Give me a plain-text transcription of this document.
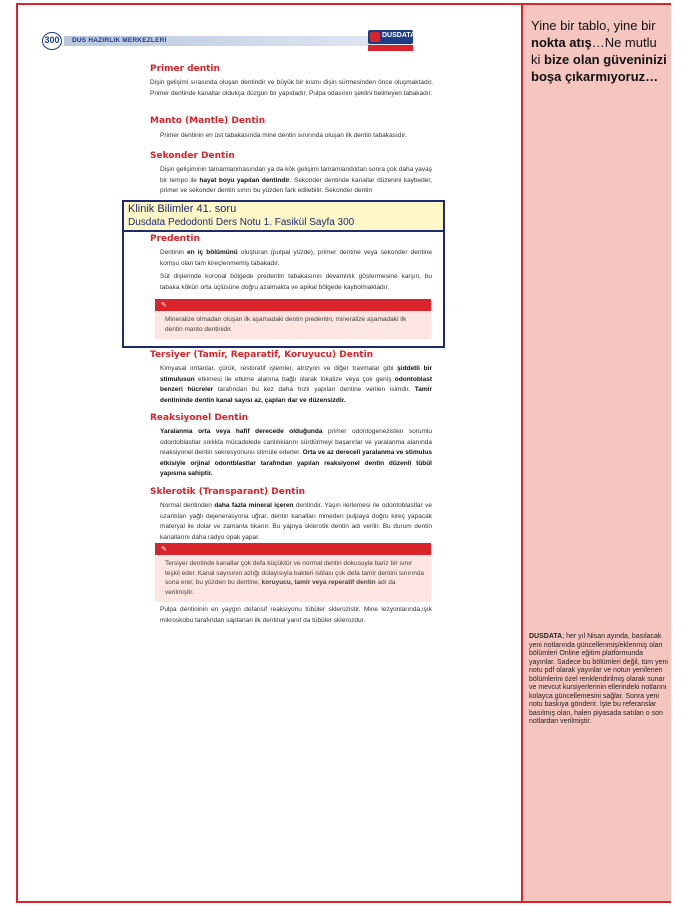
Yine bir tablo, yine bir nokta atış…Ne mutlu ki bize olan güveninizi boşa çıkarmıyoruz…
DUSDATA; her yıl Nisan ayında, basılacak yeni notlarında güncellenmiş/eklenmiş olan bölümleri Online eğitim platformunda yayınlar. Sadece bu bölümleri değil, tüm yeni notu pdf olarak yayınlar ve notun yenilenen bölümlerini özel renklendirilmiş olarak sunar ve mevcut kursiyerlerinin ellerindeki notlarını kolayca güncellemesini sağlar. Sonra yeni notu baskıya gönderir. İşte bu referanslar basılmış olan, halen piyasada satılan o son notlardan verilmiştir.
300	DUS HAZIRLIK MERKEZLERİ
DUSDATA
Primer dentin
Dişin gelişimi sırasında oluşan dentindir ve büyük bir kısmı dişin sürmesinden önce oluşmaktadır. Primer dentinde kanallar oldukça düzgün bir yapıdadır. Pulpa odasının şeklini belirleyen tabakadır.
Manto (Mantle) Dentin
Primer dentinin en üst tabakasında mine dentin sınırında oluşan ilk dentin tabakasıdır.
Sekonder Dentin
Dişin gelişiminin tamamlanmasından ya da kök gelişimi tamamlandıktan sonra çok daha yavaş bir tempo ile hayat boyu yapılan dentindir. Sekonder dentinde kanallar düzenini kaybeder, primer ve sekonder dentin sınırı bu yüzden fark edilebilir. Sekonder dentin
Predentin
Dentinin en iç bölümünü oluşturan (pulpal yüzde), primer dentine veya sekonder dentine komşu olan tam kireçlenmemiş tabakadır.
Süt dişlerinde koronal bölgede predentin tabakasının devamlılık göstermesine karşın, bu tabaka kökün orta üçlüsüne doğru azalmakta ve apikal bölgede kaybolmaktadır.
✎
Mineralize olmadan oluşan ilk aşamadaki dentin predentin, mineralize aşamadaki ilk dentin manto dentinidir.
Tersiyer (Tamir, Reparatif, Koruyucu) Dentin
Kimyasal irritanlar, çürük, restoratif işlemler, atrizyon ve diğer travmalar gibi şiddetli bir stimulusun etkimesi ile etkime alanına bağlı olarak lokalize veya çok geniş odontoblast benzeri hücreler tarafından bu kez daha hızlı yapılan dentine verilen isimdir. Tamir dentininde dentin kanal sayısı az, çapları dar ve düzensizdir.
Reaksiyonel Dentin
Yaralanma orta veya hafif derecede olduğunda primer odontogenezisten sorumlu odontoblastlar sıklıkla mücadelede canlılıklarını sürdürmeyi başarırlar ve yaralanma alanında reaksiyonel dentin sekresyonunu stimüle ederler. Orta ve az dereceli yaralanma ve stimulus etkisiyle orjinal odontblastlar tarafından yapılan reaksiyonel dentin düzenli tübül yapısına sahiptir.
Sklerotik (Transparant) Dentin
Normal dentinden daha fazla mineral içeren dentindir. Yaşın ilerlemesi ile odontoblastlar ve uzantıları yağlı dejenerasyona uğrar, dentin kanalları mineden pulpaya doğru kireç yapacak materyal ile dolar ve zamanla tıkanır. Bu yapıya sklerotik dentin adı verilir. Bu durum dentin kanallarını daha radyo opak yapar.
✎
Tersiyer dentinde kanallar çok defa küçüktür ve normal dentin dokusuyla bariz bir sınır teşkil eder. Kanal sayısının azlığı dolayısıyla bakteri istilası çok defa tamir dentini sınırında sona erer, bu yüzden bu dentine, koruyucu, tamir veya reperatif dentin adı da verilmiştir.
Pulpa dentininin en yaygın defansif reaksiyonu tübüler sklerozistir. Mine lezyonlarında,ışık mikroskobu tarafından saptanan ilk dentinal yanıt da tübüler sklerozdur.
Klinik Bilimler 41. soru
Dusdata Pedodonti Ders Notu 1. Fasikül Sayfa 300
